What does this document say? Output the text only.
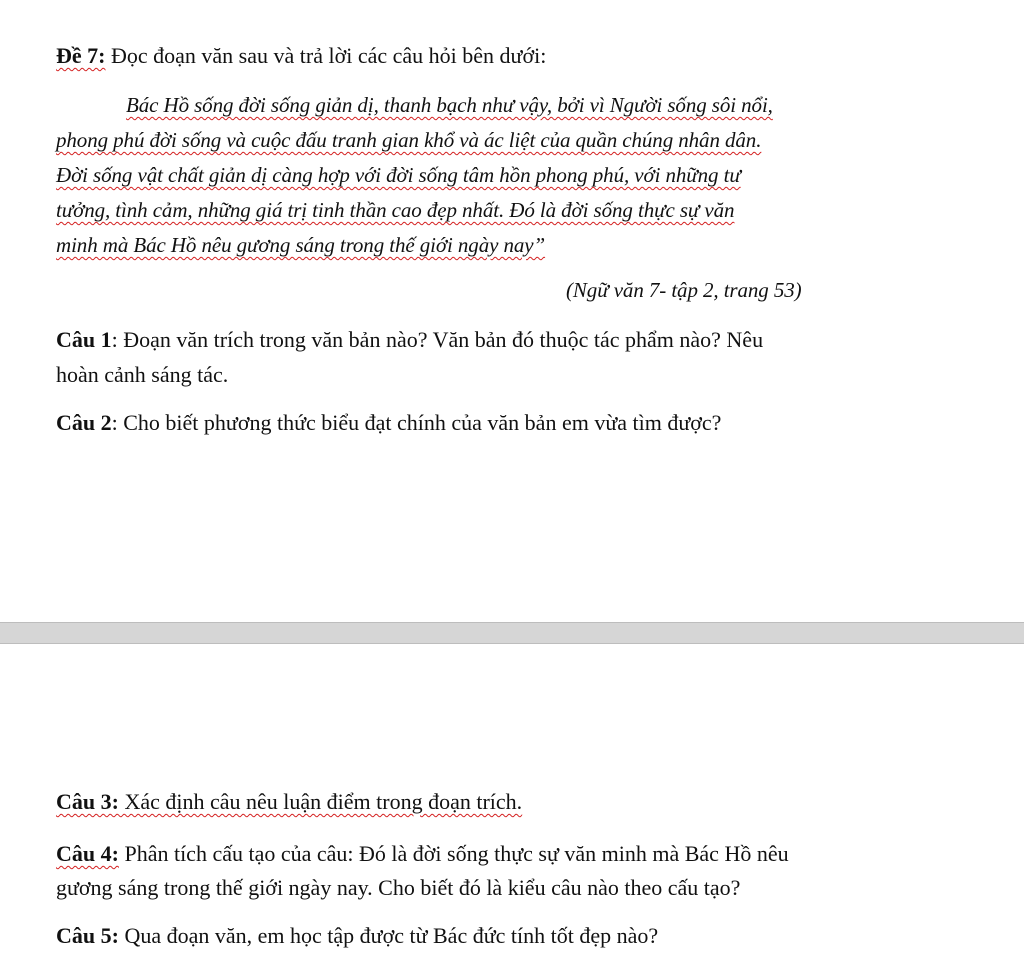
Đề 7: Đọc đoạn văn sau và trả lời các câu hỏi bên dưới:
Bác Hồ sống đời sống giản dị, thanh bạch như vậy, bởi vì Người sống sôi nổi,
phong phú đời sống và cuộc đấu tranh gian khổ và ác liệt của quần chúng nhân dân.
Đời sống vật chất giản dị càng hợp với đời sống tâm hồn phong phú, với những tư
tưởng, tình cảm, những giá trị tinh thần cao đẹp nhất. Đó là đời sống thực sự văn
minh mà Bác Hồ nêu gương sáng trong thế giới ngày nay”
(Ngữ văn 7- tập 2, trang 53)
Câu 1: Đoạn văn trích trong văn bản nào? Văn bản đó thuộc tác phẩm nào? Nêu
hoàn cảnh sáng tác.
Câu 2: Cho biết phương thức biểu đạt chính của văn bản em vừa tìm được?
Câu 3: Xác định câu nêu luận điểm trong đoạn trích.
Câu 4: Phân tích cấu tạo của câu: Đó là đời sống thực sự văn minh mà Bác Hồ nêu
gương sáng trong thế giới ngày nay. Cho biết đó là kiểu câu nào theo cấu tạo?
Câu 5: Qua đoạn văn, em học tập được từ Bác đức tính tốt đẹp nào?
